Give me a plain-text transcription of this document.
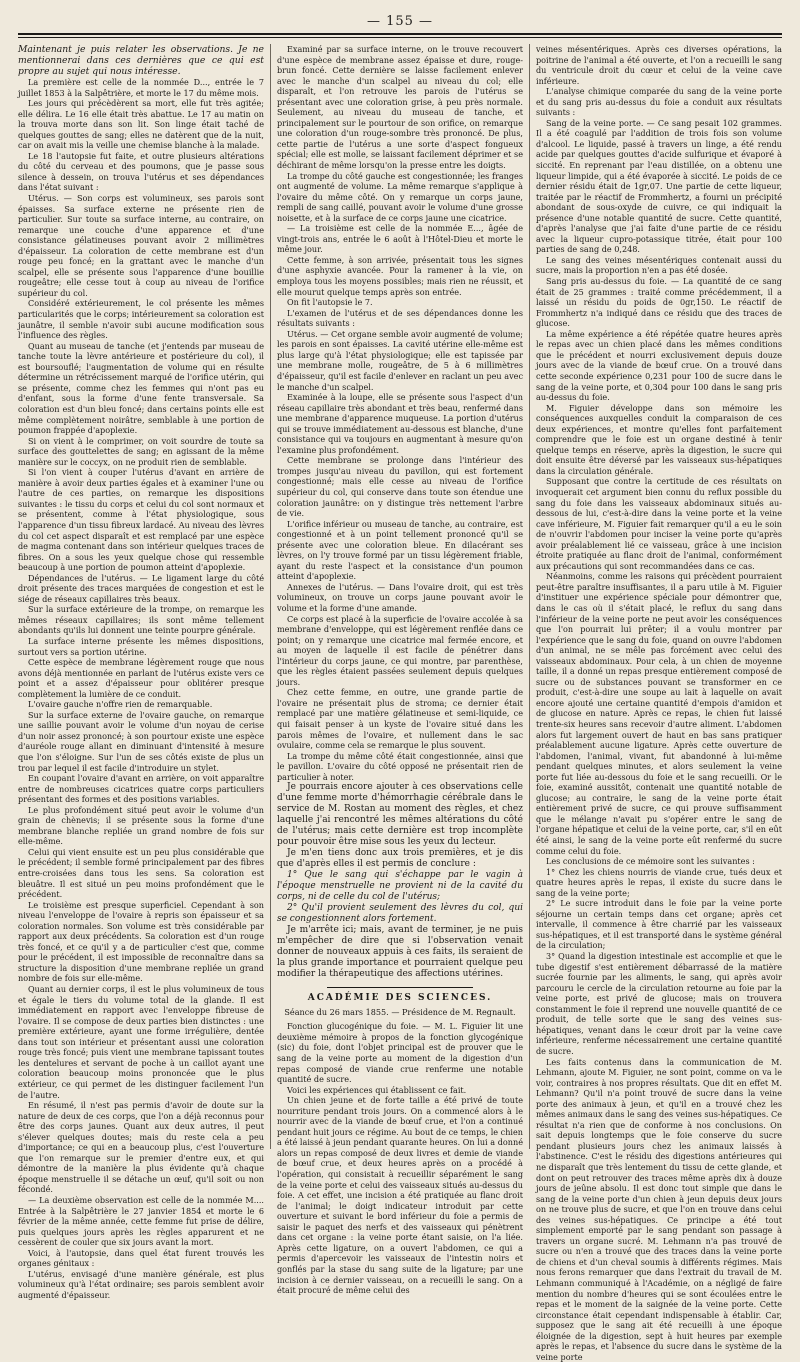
— 155 —

Maintenant je puis relater les observations. Je ne mentionnerai dans ces dernières que ce qui est propre au sujet qui nous intéresse.

La première est celle de la nommée D..., entrée le 7 juillet 1853 à la Salpêtrière, et morte le 17 du même mois.

Les jours qui précèdèrent sa mort, elle fut très agitée; elle délira. Le 16 elle était très abattue. Le 17 au matin on la trouva morte dans son lit. Son linge était taché de quelques gouttes de sang; elles ne datèrent que de la nuit, car on avait mis la veille une chemise blanche à la malade.

Le 18 l'autopsie fut faite, et outre plusieurs altérations du côté du cerveau et des poumons, que je passe sous silence à dessein, on trouva l'utérus et ses dépendances dans l'état suivant :

Utérus. — Son corps est volumineux, ses parois sont épaisses. Sa surface externe ne présente rien de particulier. Sur toute sa surface interne, au contraire, on remarque une couche d'une apparence et d'une consistance gélatineuses pouvant avoir 2 millimètres d'épaisseur. La coloration de cette membrane est d'un rouge peu foncé; en la grattant avec le manche d'un scalpel, elle se présente sous l'apparence d'une bouillie rougeâtre; elle cesse tout à coup au niveau de l'orifice supérieur du col.

Considéré extérieurement, le col présente les mêmes particularités que le corps; intérieurement sa coloration est jaunâtre, il semble n'avoir subi aucune modification sous l'influence des règles.

Quant au museau de tanche (et j'entends par museau de tanche toute la lèvre antérieure et postérieure du col), il est boursouflé; l'augmentation de volume qui en résulte détermine un rétrécissement marqué de l'orifice utérin, qui se présente, comme chez les femmes qui n'ont pas eu d'enfant, sous la forme d'une fente transversale. Sa coloration est d'un bleu foncé; dans certains points elle est même complètement noirâtre, semblable à une portion de poumon frappée d'apoplexie.

Si on vient à le comprimer, on voit sourdre de toute sa surface des gouttelettes de sang; en agissant de la même manière sur le coccyx, on ne produit rien de semblable.

Si l'on vient à couper l'utérus d'avant en arrière de manière à avoir deux parties égales et à examiner l'une ou l'autre de ces parties, on remarque les dispositions suivantes : le tissu du corps et celui du col sont normaux et se présentent, comme à l'état physiologique, sous l'apparence d'un tissu fibreux lardacé. Au niveau des lèvres du col cet aspect disparaît et est remplacé par une espèce de magma contenant dans son intérieur quelques traces de fibres. On a sous les yeux quelque chose qui ressemble beaucoup à une portion de poumon atteint d'apoplexie.

Dépendances de l'utérus. — Le ligament large du côté droit présente des traces marquées de congestion et est le siége de réseaux capillaires très beaux.

Sur la surface extérieure de la trompe, on remarque les mêmes réseaux capillaires; ils sont même tellement abondants qu'ils lui donnent une teinte pourpre générale.

La surface interne présente les mêmes dispositions, surtout vers sa portion utérine.

Cette espèce de membrane légèrement rouge que nous avons déjà mentionnée en parlant de l'utérus existe vers ce point et a assez d'épaisseur pour oblitérer presque complètement la lumière de ce conduit.

L'ovaire gauche n'offre rien de remarquable.

Sur la surface externe de l'ovaire gauche, on remarque une saillie pouvant avoir le volume d'un noyau de cerise d'un noir assez prononcé; à son pourtour existe une espèce d'auréole rouge allant en diminuant d'intensité à mesure que l'on s'éloigne. Sur l'un de ses côtés existe de plus un trou par lequel il est facile d'introduire un stylet.

En coupant l'ovaire d'avant en arrière, on voit apparaître entre de nombreuses cicatrices quatre corps particuliers présentant des formes et des positions variables.

Le plus profondément situé peut avoir le volume d'un grain de chènevis; il se présente sous la forme d'une membrane blanche repliée un grand nombre de fois sur elle-même.

Celui qui vient ensuite est un peu plus considérable que le précédent; il semble formé principalement par des fibres entre-croisées dans tous les sens. Sa coloration est bleuâtre. Il est situé un peu moins profondément que le précédent.

Le troisième est presque superficiel. Cependant à son niveau l'enveloppe de l'ovaire à repris son épaisseur et sa coloration normales. Son volume est très considérable par rapport aux deux précédents. Sa coloration est d'un rouge très foncé, et ce qu'il y a de particulier c'est que, comme pour le précédent, il est impossible de reconnaître dans sa structure la disposition d'une membrane repliée un grand nombre de fois sur elle-même.

Quant au dernier corps, il est le plus volumineux de tous et égale le tiers du volume total de la glande. Il est immédiatement en rapport avec l'enveloppe fibreuse de l'ovaire. Il se compose de deux parties bien distinctes : une première extérieure, ayant une forme irrégulière, dentée dans tout son intérieur et présentant aussi une coloration rouge très foncé; puis vient une membrane tapissant toutes les dentelures et servant de poche à un caillot ayant une coloration beaucoup moins prononcée que le plus extérieur, ce qui permet de les distinguer facilement l'un de l'autre.

En résumé, il n'est pas permis d'avoir de doute sur la nature de deux de ces corps, que l'on a déjà reconnus pour être des corps jaunes. Quant aux deux autres, il peut s'élever quelques doutes; mais du reste cela a peu d'importance; ce qui en a beaucoup plus, c'est l'ouverture que l'on remarque sur le premier d'entre eux, et qui démontre de la manière la plus évidente qu'à chaque époque menstruelle il se détache un œuf, qu'il soit ou non fécondé.

— La deuxième observation est celle de la nommée M.... Entrée à la Salpêtrière le 27 janvier 1854 et morte le 6 février de la même année, cette femme fut prise de délire, puis quelques jours après les règles apparurent et ne cessèrent de couler que six jours avant la mort.

Voici, à l'autopsie, dans quel état furent trouvés les organes génitaux :

L'utérus, envisagé d'une manière générale, est plus volumineux qu'à l'état ordinaire; ses parois semblent avoir augmenté d'épaisseur.

Examiné par sa surface interne, on le trouve recouvert d'une espèce de membrane assez épaisse et dure, rouge-brun foncé. Cette dernière se laisse facilement enlever avec le manche d'un scalpel au niveau du col; elle disparaît, et l'on retrouve les parois de l'utérus se présentant avec une coloration grise, à peu près normale. Seulement, au niveau du museau de tanche, et principalement sur le pourtour de son orifice, on remarque une coloration d'un rouge-sombre très prononcé. De plus, cette partie de l'utérus a une sorte d'aspect fongueux spécial; elle est molle, se laissant facilement déprimer et se déchirant de même lorsqu'on la presse entre les doigts.

La trompe du côté gauche est congestionnée; les franges ont augmenté de volume. La même remarque s'applique à l'ovaire du même côté. On y remarque un corps jaune, rempli de sang caillé, pouvant avoir le volume d'une grosse noisette, et à la surface de ce corps jaune une cicatrice.

— La troisième est celle de la nommée E..., âgée de vingt-trois ans, entrée le 6 août à l'Hôtel-Dieu et morte le même jour.

Cette femme, à son arrivée, présentait tous les signes d'une asphyxie avancée. Pour la ramener à la vie, on employa tous les moyens possibles; mais rien ne réussit, et elle mourut quelque temps après son entrée.

On fit l'autopsie le 7.

L'examen de l'utérus et de ses dépendances donne les résultats suivants :

Utérus. — Cet organe semble avoir augmenté de volume; les parois en sont épaisses. La cavité utérine elle-même est plus large qu'à l'état physiologique; elle est tapissée par une membrane molle, rougeâtre, de 5 à 6 millimètres d'épaisseur, qu'il est facile d'enlever en raclant un peu avec le manche d'un scalpel.

Examinée à la loupe, elle se présente sous l'aspect d'un réseau capillaire très abondant et très beau, renfermé dans une membrane d'apparence muqueuse. La portion d'utérus qui se trouve immédiatement au-dessous est blanche, d'une consistance qui va toujours en augmentant à mesure qu'on l'examine plus profondément.

Cette membrane se prolonge dans l'intérieur des trompes jusqu'au niveau du pavillon, qui est fortement congestionné; mais elle cesse au niveau de l'orifice supérieur du col, qui conserve dans toute son étendue une coloration jaunâtre: on y distingue très nettement l'arbre de vie.

L'orifice inférieur ou museau de tanche, au contraire, est congestionné et à un point tellement prononcé qu'il se présente avec une coloration bleue. En dilacérant ses lèvres, on l'y trouve formé par un tissu légèrement friable, ayant du reste l'aspect et la consistance d'un poumon atteint d'apoplexie.

Annexes de l'utérus. — Dans l'ovaire droit, qui est très volumineux, on trouve un corps jaune pouvant avoir le volume et la forme d'une amande.

Ce corps est placé à la superficie de l'ovaire accolée à sa membrane d'enveloppe, qui est légèrement renflée dans ce point; on y remarque une cicatrice mal fermée encore, et au moyen de laquelle il est facile de pénétrer dans l'intérieur du corps jaune, ce qui montre, par parenthèse, que les règles étaient passées seulement depuis quelques jours.

Chez cette femme, en outre, une grande partie de l'ovaire ne présentait plus de stroma; ce dernier était remplacé par une matière gélatineuse et semi-liquide, ce qui faisait penser à un kyste de l'ovaire situé dans les parois mêmes de l'ovaire, et nullement dans le sac ovulaire, comme cela se remarque le plus souvent.

La trompe du même côté était congestionnée, ainsi que le pavillon. L'ovaire du côté opposé ne présentait rien de particulier à noter.

Je pourrais encore ajouter à ces observations celle d'une femme morte d'hémorrhagie cérébrale dans le service de M. Rostan au moment des règles, et chez laquelle j'ai rencontré les mêmes altérations du côté de l'utérus; mais cette dernière est trop incomplète pour pouvoir être mise sous les yeux du lecteur.

Je m'en tiens donc aux trois premières, et je dis que d'après elles il est permis de conclure :

1° Que le sang qui s'échappe par le vagin à l'époque menstruelle ne provient ni de la cavité du corps, ni de celle du col de l'utérus;

2° Qu'il provient seulement des lèvres du col, qui se congestionnent alors fortement.

Je m'arrête ici; mais, avant de terminer, je ne puis m'empêcher de dire que si l'observation venait donner de nouveaux appuis à ces faits, ils seraient de la plus grande importance et pourraient quelque peu modifier la thérapeutique des affections utérines.

ACADÉMIE DES SCIENCES.
Séance du 26 mars 1855. — Présidence de M. Regnault.

Fonction glucogénique du foie. — M. L. Figuier lit une deuxième mémoire à propos de la fonction glycogénique (sic) du foie, dont l'objet principal est de prouver que le sang de la veine porte au moment de la digestion d'un repas composé de viande crue renferme une notable quantité de sucre.

Voici les expériences qui établissent ce fait.

Un chien jeune et de forte taille a été privé de toute nourriture pendant trois jours. On a commencé alors à le nourrir avec de la viande de bœuf crue, et l'on a continué pendant huit jours ce régime. Au bout de ce temps, le chien a été laissé à jeun pendant quarante heures. On lui a donné alors un repas composé de deux livres et demie de viande de bœuf crue, et deux heures après on a procédé à l'opération, qui consistait à recueillir séparément le sang de la veine porte et celui des vaisseaux situés au-dessus du foie. A cet effet, une incision a été pratiquée au flanc droit de l'animal; le doigt indicateur introduit par cette ouverture et suivant le bord inférieur du foie a permis de saisir le paquet des nerfs et des vaisseaux qui pénètrent dans cet organe : la veine porte étant saisie, on l'a liée. Après cette ligature, on a ouvert l'abdomen, ce qui a permis d'apercevoir les vaisseaux de l'intestin noirs et gonflés par la stase du sang suite de la ligature; par une incision à ce dernier vaisseau, on a recueilli le sang. On a était procuré de même celui des

veines mésentériques. Après ces diverses opérations, la poitrine de l'animal a été ouverte, et l'on a recueilli le sang du ventricule droit du cœur et celui de la veine cave inférieure.

L'analyse chimique comparée du sang de la veine porte et du sang pris au-dessus du foie a conduit aux résultats suivants :

Sang de la veine porte. — Ce sang pesait 102 grammes. Il a été coagulé par l'addition de trois fois son volume d'alcool. Le liquide, passé à travers un linge, a été rendu acide par quelques gouttes d'acide sulfurique et évaporé à siccité. En reprenant par l'eau distillée, on a obtenu une liqueur limpide, qui a été évaporée à siccité. Le poids de ce dernier résidu était de 1gr,07. Une partie de cette liqueur, traitée par le réactif de Frommhertz, a fourni un précipité abondant de sous-oxyde de cuivre, ce qui indiquait la présence d'une notable quantité de sucre. Cette quantité, d'après l'analyse que j'ai faite d'une partie de ce résidu avec la liqueur cupro-potassique titrée, était pour 100 parties de sang de 0,248.

Le sang des veines mésentériques contenait aussi du sucre, mais la proportion n'en a pas été dosée.

Sang pris au-dessus du foie. — La quantité de ce sang était de 25 grammes : traité comme précédemment, il a laissé un résidu du poids de 0gr,150. Le réactif de Frommhertz n'a indiqué dans ce résidu que des traces de glucose.

La même expérience a été répétée quatre heures après le repas avec un chien placé dans les mêmes conditions que le précédent et nourri exclusivement depuis douze jours avec de la viande de bœuf crue. On a trouvé dans cette seconde expérience 0,231 pour 100 de sucre dans le sang de la veine porte, et 0,304 pour 100 dans le sang pris au-dessus du foie.

M. Figuier développe dans son mémoire les conséquences auxquelles conduit la comparaison de ces deux expériences, et montre qu'elles font parfaitement comprendre que le foie est un organe destiné à tenir quelque temps en réserve, après la digestion, le sucre qui doit ensuite être déversé par les vaisseaux sus-hépatiques dans la circulation générale.

Supposant que contre la certitude de ces résultats on invoquerait cet argument bien connu du reflux possible du sang du foie dans les vaisseaux abdominaux situés au-dessous de lui, c'est-à-dire dans la veine porte et la veine cave inférieure, M. Figuier fait remarquer qu'il a eu le soin de n'ouvrir l'abdomen pour inciser la veine porte qu'après avoir préalablement lié ce vaisseau, grâce à une incision étroite pratiquée au flanc droit de l'animal, conformément aux précautions qui sont recommandées dans ce cas.

Néanmoins, comme les raisons qui précèdent pourraient peut-être paraître insuffisantes, il a paru utile à M. Figuier d'instituer une expérience spéciale pour démontrer que, dans le cas où il s'était placé, le reflux du sang dans l'inférieur de la veine porte ne peut avoir les conséquences que l'on pourrait lui prêter; il a voulu montrer par l'expérience que le sang du foie, quand on ouvre l'abdomen d'un animal, ne se mêle pas forcément avec celui des vaisseaux abdominaux. Pour cela, à un chien de moyenne taille, il a donné un repas presque entièrement composé de sucre ou de substances pouvant se transformer en ce produit, c'est-à-dire une soupe au lait à laquelle on avait encore ajouté une certaine quantité d'empois d'amidon et de glucose en nature. Après ce repas, le chien fut laissé trente-six heures sans recevoir d'autre aliment. L'abdomen alors fut largement ouvert de haut en bas sans pratiquer préalablement aucune ligature. Après cette ouverture de l'abdomen, l'animal, vivant, fut abandonné à lui-même pendant quelques minutes, et alors seulement la veine porte fut liée au-dessous du foie et le sang recueilli. Or le foie, examiné aussitôt, contenait une quantité notable de glucose; au contraire, le sang de la veine porte était entièrement privé de sucre, ce qui prouve suffisamment que le mélange n'avait pu s'opérer entre le sang de l'organe hépatique et celui de la veine porte, car, s'il en eût été ainsi, le sang de la veine porte eût renfermé du sucre comme celui du foie.

Les conclusions de ce mémoire sont les suivantes :

1° Chez les chiens nourris de viande crue, tués deux et quatre heures après le repas, il existe du sucre dans le sang de la veine porte;

2° Le sucre introduit dans le foie par la veine porte séjourne un certain temps dans cet organe; après cet intervalle, il commence à être charrié par les vaisseaux sus-hépatiques, et il est transporté dans le système général de la circulation;

3° Quand la digestion intestinale est accomplie et que le tube digestif s'est entièrement débarrassé de la matière sucrée fournie par les aliments, le sang, qui après avoir parcouru le cercle de la circulation retourne au foie par la veine porte, est privé de glucose; mais on trouvera constamment le foie il reprend une nouvelle quantité de ce produit, de telle sorte que le sang des veines sus-hépatiques, venant dans le cœur droit par la veine cave inférieure, renferme nécessairement une certaine quantité de sucre.

Les faits contenus dans la communication de M. Lehmann, ajoute M. Figuier, ne sont point, comme on va le voir, contraires à nos propres résultats. Que dit en effet M. Lehmann? Qu'il n'a point trouvé de sucre dans la veine porte des animaux à jeun, et qu'il en a trouvé chez les mêmes animaux dans le sang des veines sus-hépatiques. Ce résultat n'a rien que de conforme à nos conclusions. On sait depuis longtemps que le foie conserve du sucre pendant plusieurs jours chez les animaux laissés à l'abstinence. C'est le résidu des digestions antérieures qui ne disparaît que très lentement du tissu de cette glande, et dont on peut retrouver des traces même après dix à douze jours de jeûne absolu. Il est donc tout simple que dans le sang de la veine porte d'un chien à jeun depuis deux jours on ne trouve plus de sucre, et que l'on en trouve dans celui des veines sus-hépatiques. Ce principe a été tout simplement emporté par le sang pendant son passage à travers un organe sucré. M. Lehmann n'a pas trouvé de sucre ou n'en a trouvé que des traces dans la veine porte de chiens et d'un cheval soumis à différents régimes. Mais nous ferons remarquer que dans l'extrait du travail de M. Lehmann communiqué à l'Académie, on a négligé de faire mention du nombre d'heures qui se sont écoulées entre le repas et le moment de la saignée de la veine porte. Cette circonstance était cependant indispensable à établir. Car, supposez que le sang ait été recueilli à une époque éloignée de la digestion, sept à huit heures par exemple après le repas, et l'absence du sucre dans le système de la veine porte
